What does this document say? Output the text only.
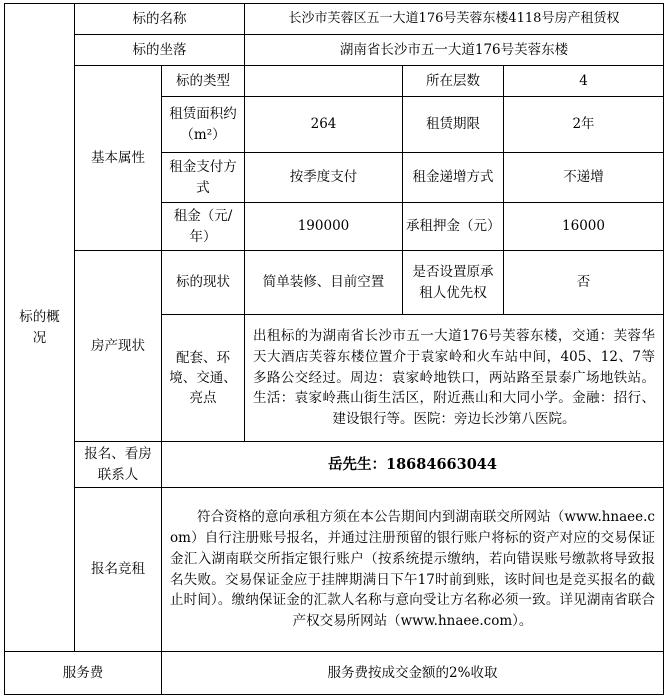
标的概况	标的名称		长沙市芙蓉区五一大道176号芙蓉东楼4118号房产租赁权		
	标的坐落		湖南省长沙市五一大道176号芙蓉东楼		
	基本属性	标的类型		所在层数	4
		租赁面积约（m²）	264	租赁期限	2年
		租金支付方式	按季度支付	租金递增方式	不递增
		租金（元/年）	190000	承租押金（元）	16000
	房产现状	标的现状	简单装修、目前空置	是否设置原承租人优先权	否
		配套、环境、交通、亮点	出租标的为湖南省长沙市五一大道176号芙蓉东楼，交通：芙蓉华天大酒店芙蓉东楼位置介于袁家岭和火车站中间，405、12、7等多路公交经过。周边：袁家岭地铁口，两站路至景泰广场地铁站。生活：袁家岭燕山街生活区，附近燕山和大同小学。金融：招行、建设银行等。医院：旁边长沙第八医院。		
	报名、看房联系人	岳先生：18684663044			
	报名竞租	符合资格的意向承租方须在本公告期间内到湖南联交所网站（www.hnaee.com）自行注册账号报名，并通过注册预留的银行账户将标的资产对应的交易保证金汇入湖南联交所指定银行账户（按系统提示缴纳，若向错误账号缴款将导致报名失败。交易保证金应于挂牌期满日下午17时前到账，该时间也是竞买报名的截止时间）。缴纳保证金的汇款人名称与意向受让方名称必须一致。详见湖南省联合产权交易所网站（www.hnaee.com）。			

服务费		服务费按成交金额的2%收取			
